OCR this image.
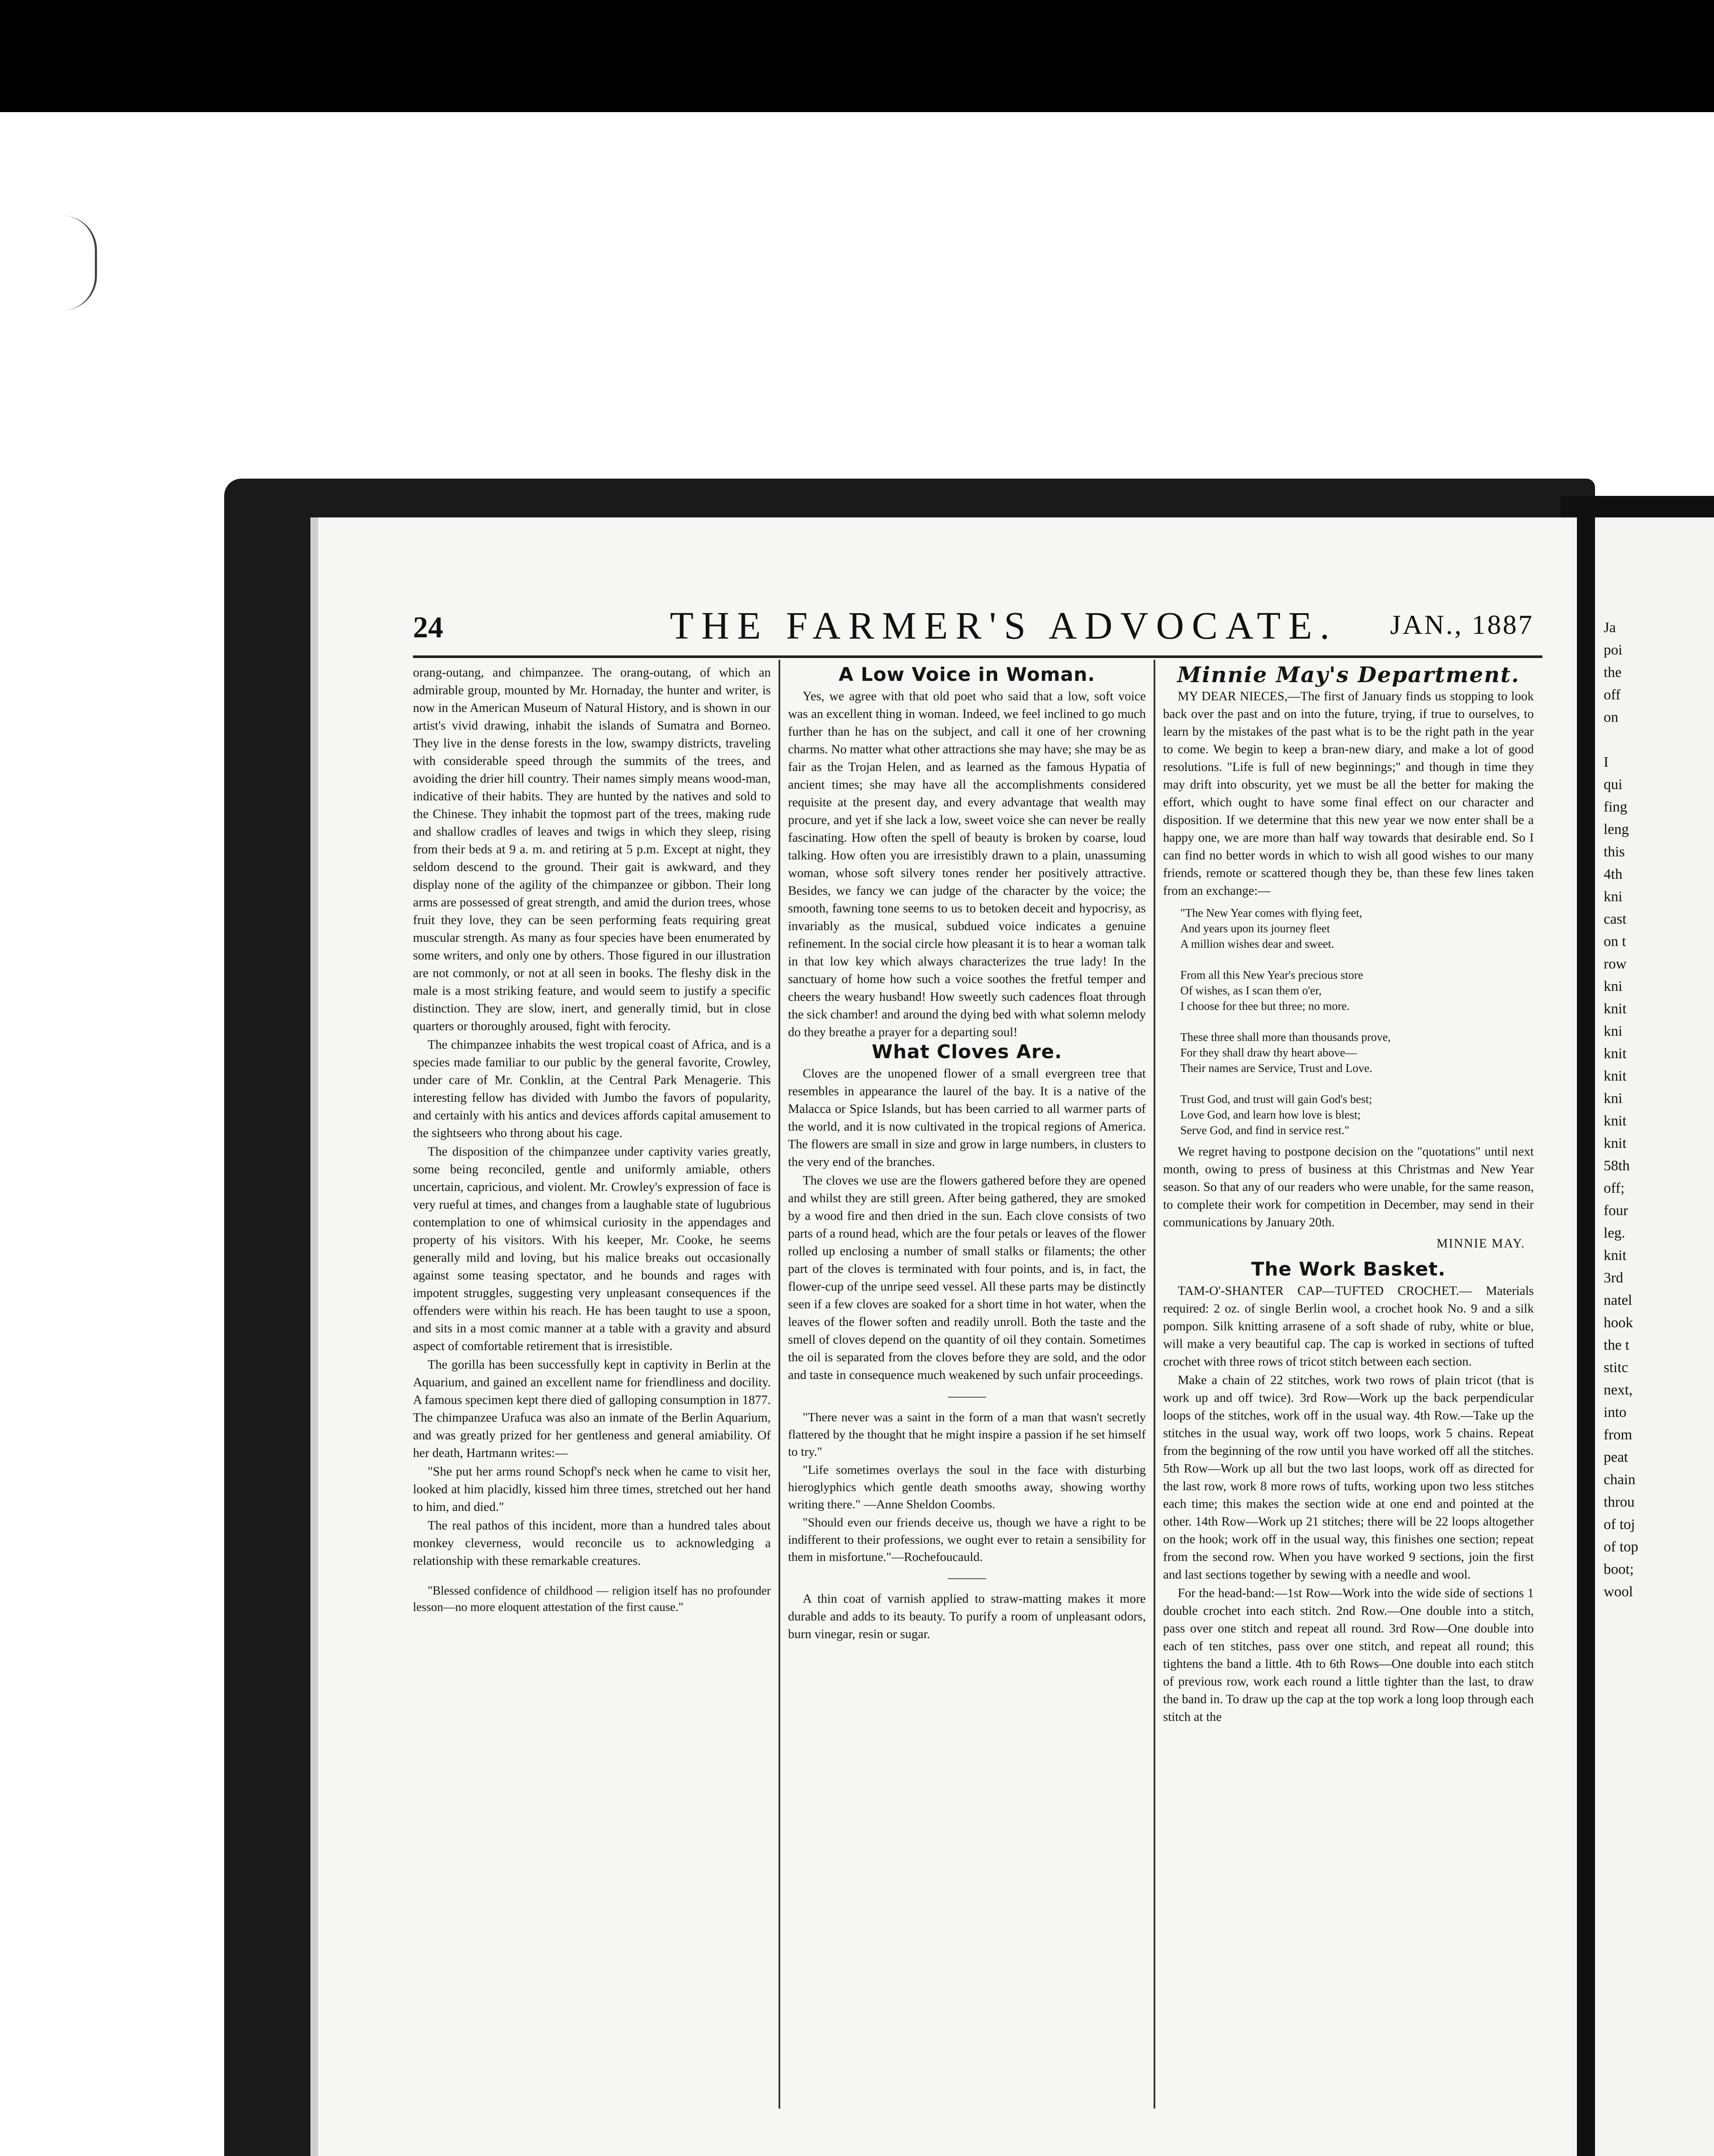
24	THE FARMER'S ADVOCATE.	JAN., 1887

orang-outang, and chimpanzee. The orang-outang, of which an admirable group, mounted by Mr. Hornaday, the hunter and writer, is now in the American Museum of Natural History, and is shown in our artist's vivid drawing, inhabit the islands of Sumatra and Borneo. They live in the dense forests in the low, swampy districts, traveling with considerable speed through the summits of the trees, and avoiding the drier hill country. Their names simply means wood-man, indicative of their habits. They are hunted by the natives and sold to the Chinese. They inhabit the topmost part of the trees, making rude and shallow cradles of leaves and twigs in which they sleep, rising from their beds at 9 a. m. and retiring at 5 p.m. Except at night, they seldom descend to the ground. Their gait is awkward, and they display none of the agility of the chimpanzee or gibbon. Their long arms are possessed of great strength, and amid the durion trees, whose fruit they love, they can be seen performing feats requiring great muscular strength. As many as four species have been enumerated by some writers, and only one by others. Those figured in our illustration are not commonly, or not at all seen in books. The fleshy disk in the male is a most striking feature, and would seem to justify a specific distinction. They are slow, inert, and generally timid, but in close quarters or thoroughly aroused, fight with ferocity.

The chimpanzee inhabits the west tropical coast of Africa, and is a species made familiar to our public by the general favorite, Crowley, under care of Mr. Conklin, at the Central Park Menagerie. This interesting fellow has divided with Jumbo the favors of popularity, and certainly with his antics and devices affords capital amusement to the sightseers who throng about his cage.

The disposition of the chimpanzee under captivity varies greatly, some being reconciled, gentle and uniformly amiable, others uncertain, capricious, and violent. Mr. Crowley's expression of face is very rueful at times, and changes from a laughable state of lugubrious contemplation to one of whimsical curiosity in the appendages and property of his visitors. With his keeper, Mr. Cooke, he seems generally mild and loving, but his malice breaks out occasionally against some teasing spectator, and he bounds and rages with impotent struggles, suggesting very unpleasant consequences if the offenders were within his reach. He has been taught to use a spoon, and sits in a most comic manner at a table with a gravity and absurd aspect of comfortable retirement that is irresistible.

The gorilla has been successfully kept in captivity in Berlin at the Aquarium, and gained an excellent name for friendliness and docility. A famous specimen kept there died of galloping consumption in 1877. The chimpanzee Urafuca was also an inmate of the Berlin Aquarium, and was greatly prized for her gentleness and general amiability. Of her death, Hartmann writes:—

"She put her arms round Schopf's neck when he came to visit her, looked at him placidly, kissed him three times, stretched out her hand to him, and died."

The real pathos of this incident, more than a hundred tales about monkey cleverness, would reconcile us to acknowledging a relationship with these remarkable creatures.

"Blessed confidence of childhood — religion itself has no profounder lesson—no more eloquent attestation of the first cause."

A Low Voice in Woman.

Yes, we agree with that old poet who said that a low, soft voice was an excellent thing in woman. Indeed, we feel inclined to go much further than he has on the subject, and call it one of her crowning charms. No matter what other attractions she may have; she may be as fair as the Trojan Helen, and as learned as the famous Hypatia of ancient times; she may have all the accomplishments considered requisite at the present day, and every advantage that wealth may procure, and yet if she lack a low, sweet voice she can never be really fascinating. How often the spell of beauty is broken by coarse, loud talking. How often you are irresistibly drawn to a plain, unassuming woman, whose soft silvery tones render her positively attractive. Besides, we fancy we can judge of the character by the voice; the smooth, fawning tone seems to us to betoken deceit and hypocrisy, as invariably as the musical, subdued voice indicates a genuine refinement. In the social circle how pleasant it is to hear a woman talk in that low key which always characterizes the true lady! In the sanctuary of home how such a voice soothes the fretful temper and cheers the weary husband! How sweetly such cadences float through the sick chamber! and around the dying bed with what solemn melody do they breathe a prayer for a departing soul!

What Cloves Are.

Cloves are the unopened flower of a small evergreen tree that resembles in appearance the laurel of the bay. It is a native of the Malacca or Spice Islands, but has been carried to all warmer parts of the world, and it is now cultivated in the tropical regions of America. The flowers are small in size and grow in large numbers, in clusters to the very end of the branches.

The cloves we use are the flowers gathered before they are opened and whilst they are still green. After being gathered, they are smoked by a wood fire and then dried in the sun. Each clove consists of two parts of a round head, which are the four petals or leaves of the flower rolled up enclosing a number of small stalks or filaments; the other part of the cloves is terminated with four points, and is, in fact, the flower-cup of the unripe seed vessel. All these parts may be distinctly seen if a few cloves are soaked for a short time in hot water, when the leaves of the flower soften and readily unroll. Both the taste and the smell of cloves depend on the quantity of oil they contain. Sometimes the oil is separated from the cloves before they are sold, and the odor and taste in consequence much weakened by such unfair proceedings.

———

"There never was a saint in the form of a man that wasn't secretly flattered by the thought that he might inspire a passion if he set himself to try."

"Life sometimes overlays the soul in the face with disturbing hieroglyphics which gentle death smooths away, showing worthy writing there." —Anne Sheldon Coombs.

"Should even our friends deceive us, though we have a right to be indifferent to their professions, we ought ever to retain a sensibility for them in misfortune."—Rochefoucauld.

———

A thin coat of varnish applied to straw-matting makes it more durable and adds to its beauty. To purify a room of unpleasant odors, burn vinegar, resin or sugar.

Minnie May's Department.

MY DEAR NIECES,—The first of January finds us stopping to look back over the past and on into the future, trying, if true to ourselves, to learn by the mistakes of the past what is to be the right path in the year to come. We begin to keep a bran-new diary, and make a lot of good resolutions. "Life is full of new beginnings;" and though in time they may drift into obscurity, yet we must be all the better for making the effort, which ought to have some final effect on our character and disposition. If we determine that this new year we now enter shall be a happy one, we are more than half way towards that desirable end. So I can find no better words in which to wish all good wishes to our many friends, remote or scattered though they be, than these few lines taken from an exchange:—

"The New Year comes with flying feet,
And years upon its journey fleet
A million wishes dear and sweet.

From all this New Year's precious store
Of wishes, as I scan them o'er,
I choose for thee but three; no more.

These three shall more than thousands prove,
For they shall draw thy heart above—
Their names are Service, Trust and Love.

Trust God, and trust will gain God's best;
Love God, and learn how love is blest;
Serve God, and find in service rest."

We regret having to postpone decision on the "quotations" until next month, owing to press of business at this Christmas and New Year season. So that any of our readers who were unable, for the same reason, to complete their work for competition in December, may send in their communications by January 20th.

MINNIE MAY.

The Work Basket.

TAM-O'-SHANTER CAP—TUFTED CROCHET.— Materials required: 2 oz. of single Berlin wool, a crochet hook No. 9 and a silk pompon. Silk knitting arrasene of a soft shade of ruby, white or blue, will make a very beautiful cap. The cap is worked in sections of tufted crochet with three rows of tricot stitch between each section.

Make a chain of 22 stitches, work two rows of plain tricot (that is work up and off twice). 3rd Row—Work up the back perpendicular loops of the stitches, work off in the usual way. 4th Row.—Take up the stitches in the usual way, work off two loops, work 5 chains. Repeat from the beginning of the row until you have worked off all the stitches. 5th Row—Work up all but the two last loops, work off as directed for the last row, work 8 more rows of tufts, working upon two less stitches each time; this makes the section wide at one end and pointed at the other. 14th Row—Work up 21 stitches; there will be 22 loops altogether on the hook; work off in the usual way, this finishes one section; repeat from the second row. When you have worked 9 sections, join the first and last sections together by sewing with a needle and wool.

For the head-band:—1st Row—Work into the wide side of sections 1 double crochet into each stitch. 2nd Row.—One double into a stitch, pass over one stitch and repeat all round. 3rd Row—One double into each of ten stitches, pass over one stitch, and repeat all round; this tightens the band a little. 4th to 6th Rows—One double into each stitch of previous row, work each round a little tighter than the last, to draw the band in. To draw up the cap at the top work a long loop through each stitch at the

Ja
poi
the
off
on

I
qui
fing
leng
this
4th
kni
cast
on t
row
kni
knit
kni
knit
knit
kni
knit
knit
58th
off;
four
leg.
knit
3rd
natel
hook
the t
stitc
next,
into
from
peat
chain
throu
of toj
of top
boot;
wool
